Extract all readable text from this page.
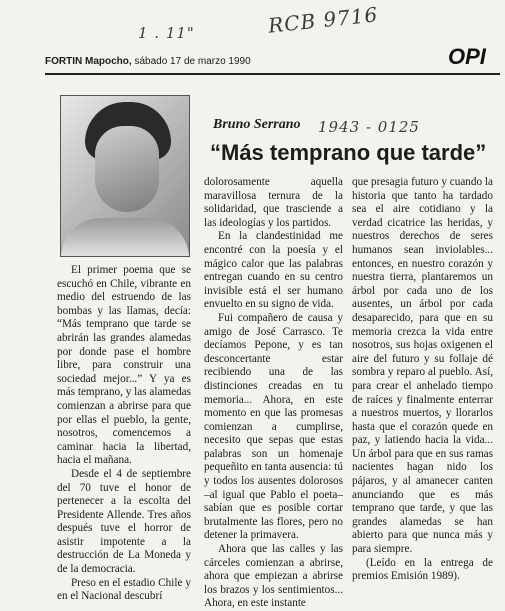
1 . 11"	RCB 9716
FORTIN Mapocho, sábado 17 de marzo 1990	OPI
Bruno Serrano 1943 - 0125
“Más temprano que tarde”

El primer poema que se escuchó en Chile, vibrante en medio del estruendo de las bombas y las llamas, decía: “Más temprano que tarde se abrirán las grandes alamedas por donde pase el hombre libre, para construir una sociedad mejor...” Y ya es más temprano, y las alamedas comienzan a abrirse para que por ellas el pueblo, la gente, nosotros, comencemos a caminar hacia la libertad, hacia el mañana.

Desde el 4 de septiembre del 70 tuve el honor de pertenecer a la escolta del Presidente Allende. Tres años después tuve el horror de asistir impotente a la destrucción de La Moneda y de la democracia.

Preso en el estadio Chile y en el Nacional descubrí

dolorosamente aquella maravillosa ternura de la solidaridad, que trasciende a las ideologías y los partidos.

En la clandestinidad me encontré con la poesía y el mágico calor que las palabras entregan cuando en su centro invisible está el ser humano envuelto en su signo de vida.

Fui compañero de causa y amigo de José Carrasco. Te decíamos Pepone, y es tan desconcertante estar recibiendo una de las distinciones creadas en tu memoria... Ahora, en este momento en que las promesas comienzan a cumplirse, necesito que sepas que estas palabras son un homenaje pequeñito en tanta ausencia: tú y todos los ausentes dolorosos –al igual que Pablo el poeta– sabían que es posible cortar brutalmente las flores, pero no detener la primavera.

Ahora que las calles y las cárceles comienzan a abrirse, ahora que empiezan a abrirse los brazos y los sentimientos... Ahora, en este instante

que presagia futuro y cuando la historia que tanto ha tardado sea el aire cotidiano y la verdad cicatrice las heridas, y nuestros derechos de seres humanos sean inviolables... entonces, en nuestro corazón y nuestra tierra, plantaremos un árbol por cada uno de los ausentes, un árbol por cada desaparecido, para que en su memoria crezca la vida entre nosotros, sus hojas oxigenen el aire del futuro y su follaje dé sombra y reparo al pueblo. Así, para crear el anhelado tiempo de raíces y finalmente enterrar a nuestros muertos, y llorarlos hasta que el corazón quede en paz, y latiendo hacia la vida... Un árbol para que en sus ramas nacientes hagan nido los pájaros, y al amanecer canten anunciando que es más temprano que tarde, y que las grandes alamedas se han abierto para que nunca más y para siempre.

(Leído en la entrega de premios Emisión 1989).
